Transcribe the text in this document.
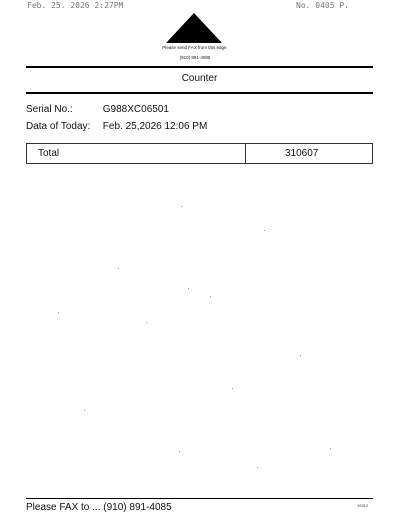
Feb. 25. 2026 2:27PM	No. 0405 P.
Please send FAX from this edge.
(910) 891-4085
Counter
Serial No.:	G988XC06501
Data of Today: Feb. 25,2026 12:06 PM
Total	310607
Please FAX to ... (910) 891-4085	19312
